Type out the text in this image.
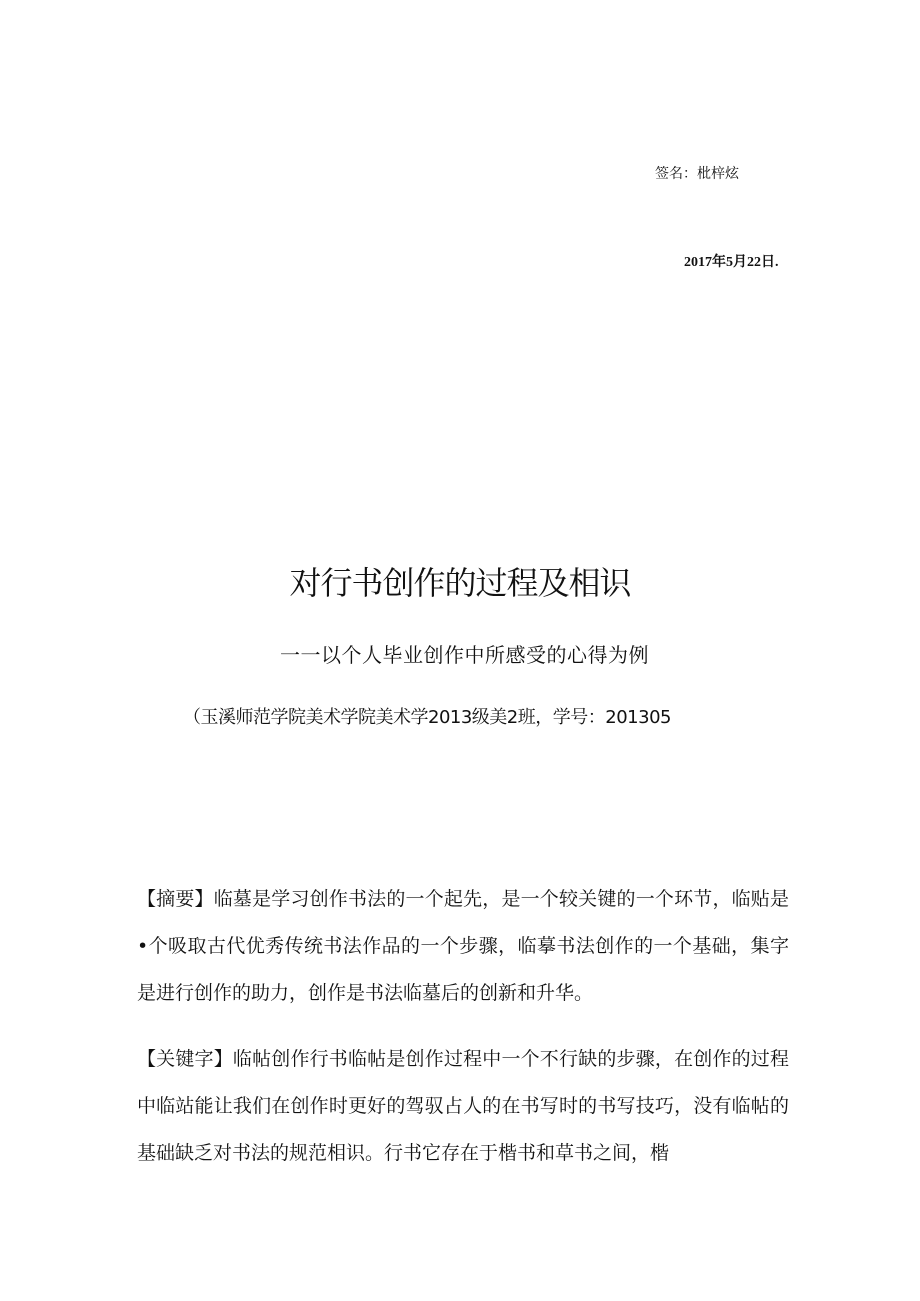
签名：枇梓炫
2017年5月22日.
对行书创作的过程及相识
一一以个人毕业创作中所感受的心得为例
（玉溪师范学院美术学院美术学2013级美2班，学号：201305
【摘要】临墓是学习创作书法的一个起先，是一个较关键的一个环节，临贴是•个吸取古代优秀传统书法作品的一个步骤，临摹书法创作的一个基础，集字是进行创作的助力，创作是书法临墓后的创新和升华。
【关键字】临帖创作行书临帖是创作过程中一个不行缺的步骤，在创作的过程中临站能让我们在创作时更好的驾驭占人的在书写时的书写技巧，没有临帖的基础缺乏对书法的规范相识。行书它存在于楷书和草书之间，楷
